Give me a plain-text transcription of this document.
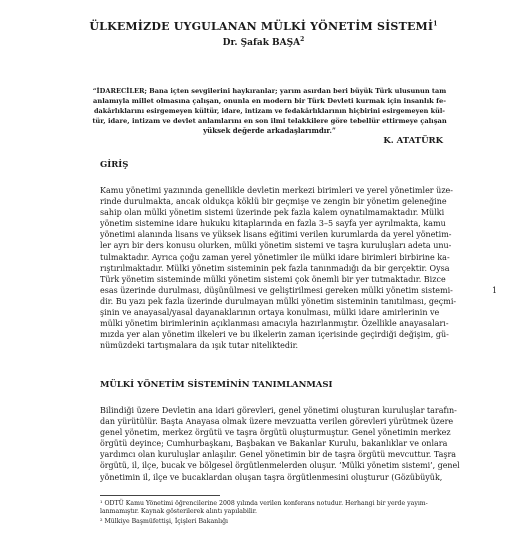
ÜLKEMİZDE UYGULANAN MÜLKİ YÖNETİM SİSTEMİ$^1$
Dr. Şafak BAŞA$^2$
“İDARECİLER; Bana içten sevgilerini haykıranlar; yarım asırdan beri büyük Türk ulusunun tam
anlamıyla millet olmasına çalışan, onunla en modern bir Türk Devleti kurmak için insanlık fe-
dakârlıklarını esirgemeyen kültür, idare, intizam ve fedakârlıklarının hiçbirini esirgemeyen kül-
tür, idare, intizam ve devlet anlamlarını en son ilmi telakkilere göre tebellür ettirmeye çalışan
yüksek değerde arkadaşlarımdır.”
K. ATATÜRK
GİRİŞ
Kamu yönetimi yazınında genellikle devletin merkezi birimleri ve yerel yönetimler üze-
rinde durulmakta, ancak oldukça köklü bir geçmişe ve zengin bir yönetim geleneğine
sahip olan mülki yönetim sistemi üzerinde pek fazla kalem oynatılmamaktadır. Mülki
yönetim sistemine idare hukuku kitaplarında en fazla 3–5 sayfa yer ayrılmakta, kamu
yönetimi alanında lisans ve yüksek lisans eğitimi verilen kurumlarda da yerel yönetim-
ler ayrı bir ders konusu olurken, mülki yönetim sistemi ve taşra kuruluşları adeta unu-
tulmaktadır. Ayrıca çoğu zaman yerel yönetimler ile mülki idare birimleri birbirine ka-
rıştırılmaktadır. Mülki yönetim sisteminin pek fazla tanınmadığı da bir gerçektir. Oysa
Türk yönetim sisteminde mülki yönetim sistemi çok önemli bir yer tutmaktadır. Bizce
esas üzerinde durulması, düşünülmesi ve geliştirilmesi gereken mülki yönetim sistemi-
dir. Bu yazı pek fazla üzerinde durulmayan mülki yönetim sisteminin tanıtılması, geçmi-
şinin ve anayasal/yasal dayanaklarının ortaya konulması, mülki idare amirlerinin ve
mülki yönetim birimlerinin açıklanması amacıyla hazırlanmıştır. Özellikle anayasaları-
mızda yer alan yönetim ilkeleri ve bu ilkelerin zaman içerisinde geçirdiği değişim, gü-
nümüzdeki tartışmalara da ışık tutar niteliktedir.
1
MÜLKİ YÖNETİM SİSTEMİNİN TANIMLANMASI
Bilindiği üzere Devletin ana idari görevleri, genel yönetimi oluşturan kuruluşlar tarafın-
dan yürütülür. Başta Anayasa olmak üzere mevzuatta verilen görevleri yürütmek üzere
genel yönetim, merkez örgütü ve taşra örgütü oluşturmuştur. Genel yönetimin merkez
örgütü deyince; Cumhurbaşkanı, Başbakan ve Bakanlar Kurulu, bakanlıklar ve onlara
yardımcı olan kuruluşlar anlaşılır. Genel yönetimin bir de taşra örgütü mevcuttur. Taşra
örgütü, il, ilçe, bucak ve bölgesel örgütlenmelerden oluşur. ‘Mülki yönetim sistemi’, genel
yönetimin il, ilçe ve bucaklardan oluşan taşra örgütlenmesini oluşturur (Gözübüyük,
¹ ODTÜ Kamu Yönetimi öğrencilerine 2008 yılında verilen konferans notudur. Herhangi bir yerde yayım-
lanmamıştır. Kaynak gösterilerek alıntı yapılabilir.
² Mülkiye Başmüfettişi, İçişleri Bakanlığı
